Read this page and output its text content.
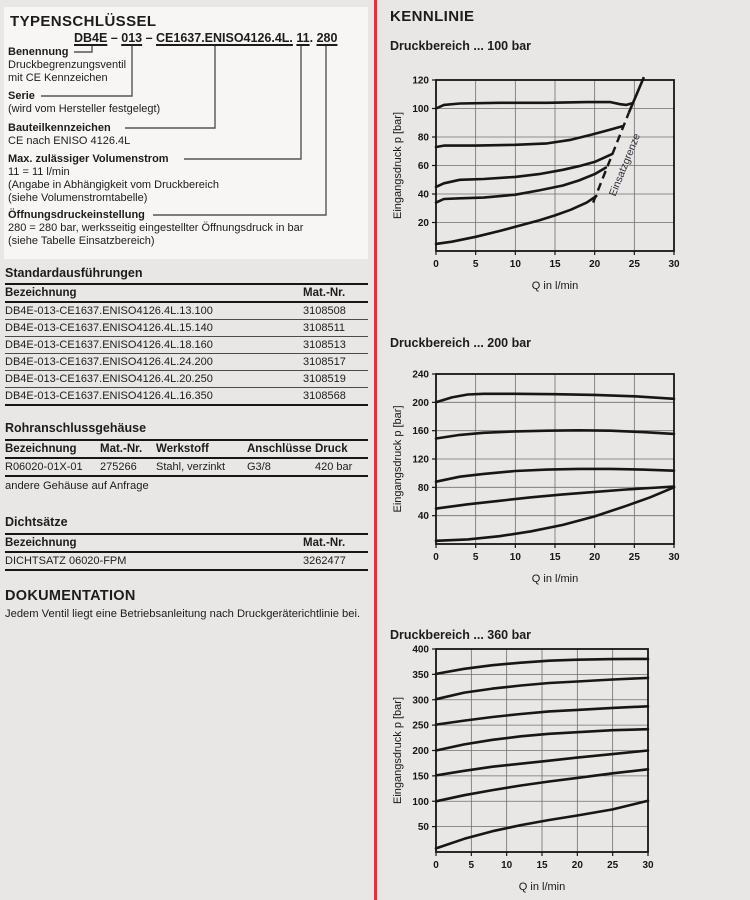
TYPENSCHLÜSSEL
DB4E – 013 – CE1637.ENISO4126.4L. 11. 280
Benennung
Druckbegrenzungsventil
mit CE Kennzeichen
Serie
(wird vom Hersteller festgelegt)
Bauteilkennzeichen
CE nach ENISO 4126.4L
Max. zulässiger Volumenstrom
11 = 11 l/min
(Angabe in Abhängigkeit vom Druckbereich
(siehe Volumenstromtabelle)
Öffnungsdruckeinstellung
280 = 280 bar, werksseitig eingestellter Öffnungsdruck in bar
(siehe Tabelle Einsatzbereich)
Standardausführungen
Bezeichnung	Mat.-Nr.
DB4E-013-CE1637.ENISO4126.4L.13.100	3108508
DB4E-013-CE1637.ENISO4126.4L.15.140	3108511
DB4E-013-CE1637.ENISO4126.4L.18.160	3108513
DB4E-013-CE1637.ENISO4126.4L.24.200	3108517
DB4E-013-CE1637.ENISO4126.4L.20.250	3108519
DB4E-013-CE1637.ENISO4126.4L.16.350	3108568
Rohranschlussgehäuse
Bezeichnung	Mat.-Nr.	Werkstoff	Anschlüsse	Druck
R06020-01X-01	275266	Stahl, verzinkt	G3/8	420 bar
andere Gehäuse auf Anfrage
Dichtsätze
Bezeichnung	Mat.-Nr.
DICHTSATZ 06020-FPM	3262477
DOKUMENTATION
Jedem Ventil liegt eine Betriebsanleitung nach Druckgeräterichtlinie bei.
KENNLINIE
Druckbereich ... 100 bar
0	5	10	15	20	25	30
20
40
60
80
100
120
Einsatzgrenze
Eingangsdruck p [bar]
Q in l/min
Druckbereich ... 200 bar
0	5	10	15	20	25	30
40
80
120
160
200
240
Eingangsdruck p [bar]
Q in l/min
Druckbereich ... 360 bar
0	5	10 15 20 25 30
50
100
150
200
250
300
350
400
Eingangsdruck p [bar]
Q in l/min
